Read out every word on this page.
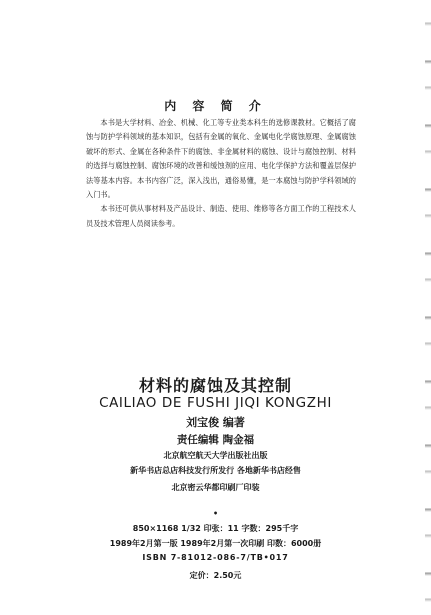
内 容 简 介

本书是大学材料、冶金、机械、化工等专业类本科生的选修课教材。它概括了腐蚀与防护学科领域的基本知识，包括有金属的氧化、金属电化学腐蚀原理、金属腐蚀破坏的形式、金属在各种条件下的腐蚀、非金属材料的腐蚀、设计与腐蚀控制、材料的选择与腐蚀控制、腐蚀环境的改善和缓蚀剂的应用、电化学保护方法和覆盖层保护法等基本内容。本书内容广泛，深入浅出，通俗易懂，是一本腐蚀与防护学科领域的入门书。

本书还可供从事材料及产品设计、制造、使用、维修等各方面工作的工程技术人员及技术管理人员阅读参考。

材料的腐蚀及其控制
CAILIAO DE FUSHI JIQI KONGZHI
刘宝俊 编著
责任编辑 陶金福
北京航空航天大学出版社出版
新华书店总店科技发行所发行 各地新华书店经售
北京密云华都印刷厂印装
•
850×1168 1/32 印张：11 字数：295千字
1989年2月第一版 1989年2月第一次印刷 印数：6000册
ISBN 7-81012-086-7/TB•017
定价：2.50元
